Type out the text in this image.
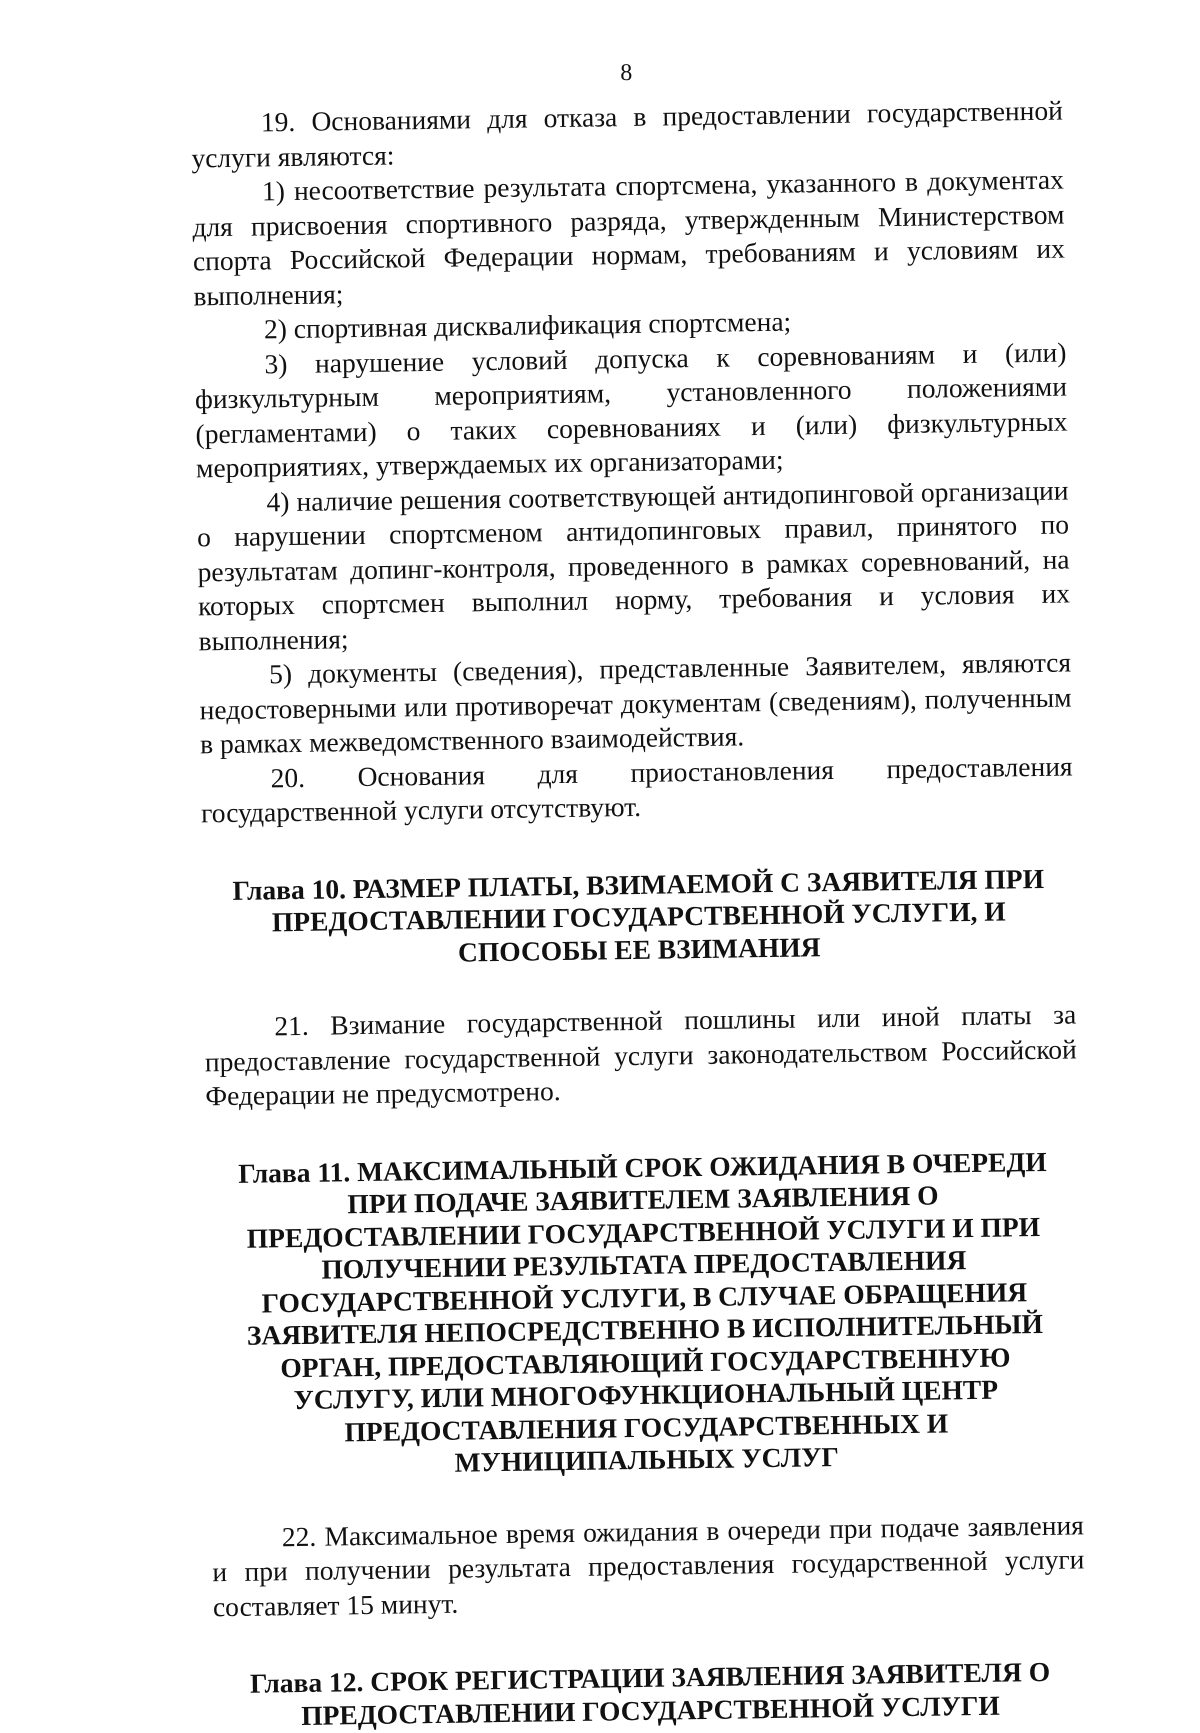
8

19. Основаниями для отказа в предоставлении государственной услуги являются:

1) несоответствие результата спортсмена, указанного в документах для присвоения спортивного разряда, утвержденным Министерством спорта Российской Федерации нормам, требованиям и условиям их выполнения;

2) спортивная дисквалификация спортсмена;

3) нарушение условий допуска к соревнованиям и (или) физкультурным мероприятиям, установленного положениями (регламентами) о таких соревнованиях и (или) физкультурных мероприятиях, утверждаемых их организаторами;

4) наличие решения соответствующей антидопинговой организации о нарушении спортсменом антидопинговых правил, принятого по результатам допинг-контроля, проведенного в рамках соревнований, на которых спортсмен выполнил норму, требования и условия их выполнения;

5) документы (сведения), представленные Заявителем, являются недостоверными или противоречат документам (сведениям), полученным в рамках межведомственного взаимодействия.

20. Основания для приостановления предоставления государственной услуги отсутствуют.

Глава 10. РАЗМЕР ПЛАТЫ, ВЗИМАЕМОЙ С ЗАЯВИТЕЛЯ ПРИ ПРЕДОСТАВЛЕНИИ ГОСУДАРСТВЕННОЙ УСЛУГИ, И СПОСОБЫ ЕЕ ВЗИМАНИЯ

21. Взимание государственной пошлины или иной платы за предоставление государственной услуги законодательством Российской Федерации не предусмотрено.

Глава 11. МАКСИМАЛЬНЫЙ СРОК ОЖИДАНИЯ В ОЧЕРЕДИ ПРИ ПОДАЧЕ ЗАЯВИТЕЛЕМ ЗАЯВЛЕНИЯ О ПРЕДОСТАВЛЕНИИ ГОСУДАРСТВЕННОЙ УСЛУГИ И ПРИ ПОЛУЧЕНИИ РЕЗУЛЬТАТА ПРЕДОСТАВЛЕНИЯ ГОСУДАРСТВЕННОЙ УСЛУГИ, В СЛУЧАЕ ОБРАЩЕНИЯ ЗАЯВИТЕЛЯ НЕПОСРЕДСТВЕННО В ИСПОЛНИТЕЛЬНЫЙ ОРГАН, ПРЕДОСТАВЛЯЮЩИЙ ГОСУДАРСТВЕННУЮ УСЛУГУ, ИЛИ МНОГОФУНКЦИОНАЛЬНЫЙ ЦЕНТР ПРЕДОСТАВЛЕНИЯ ГОСУДАРСТВЕННЫХ И МУНИЦИПАЛЬНЫХ УСЛУГ

22. Максимальное время ожидания в очереди при подаче заявления и при получении результата предоставления государственной услуги составляет 15 минут.

Глава 12. СРОК РЕГИСТРАЦИИ ЗАЯВЛЕНИЯ ЗАЯВИТЕЛЯ О ПРЕДОСТАВЛЕНИИ ГОСУДАРСТВЕННОЙ УСЛУГИ
